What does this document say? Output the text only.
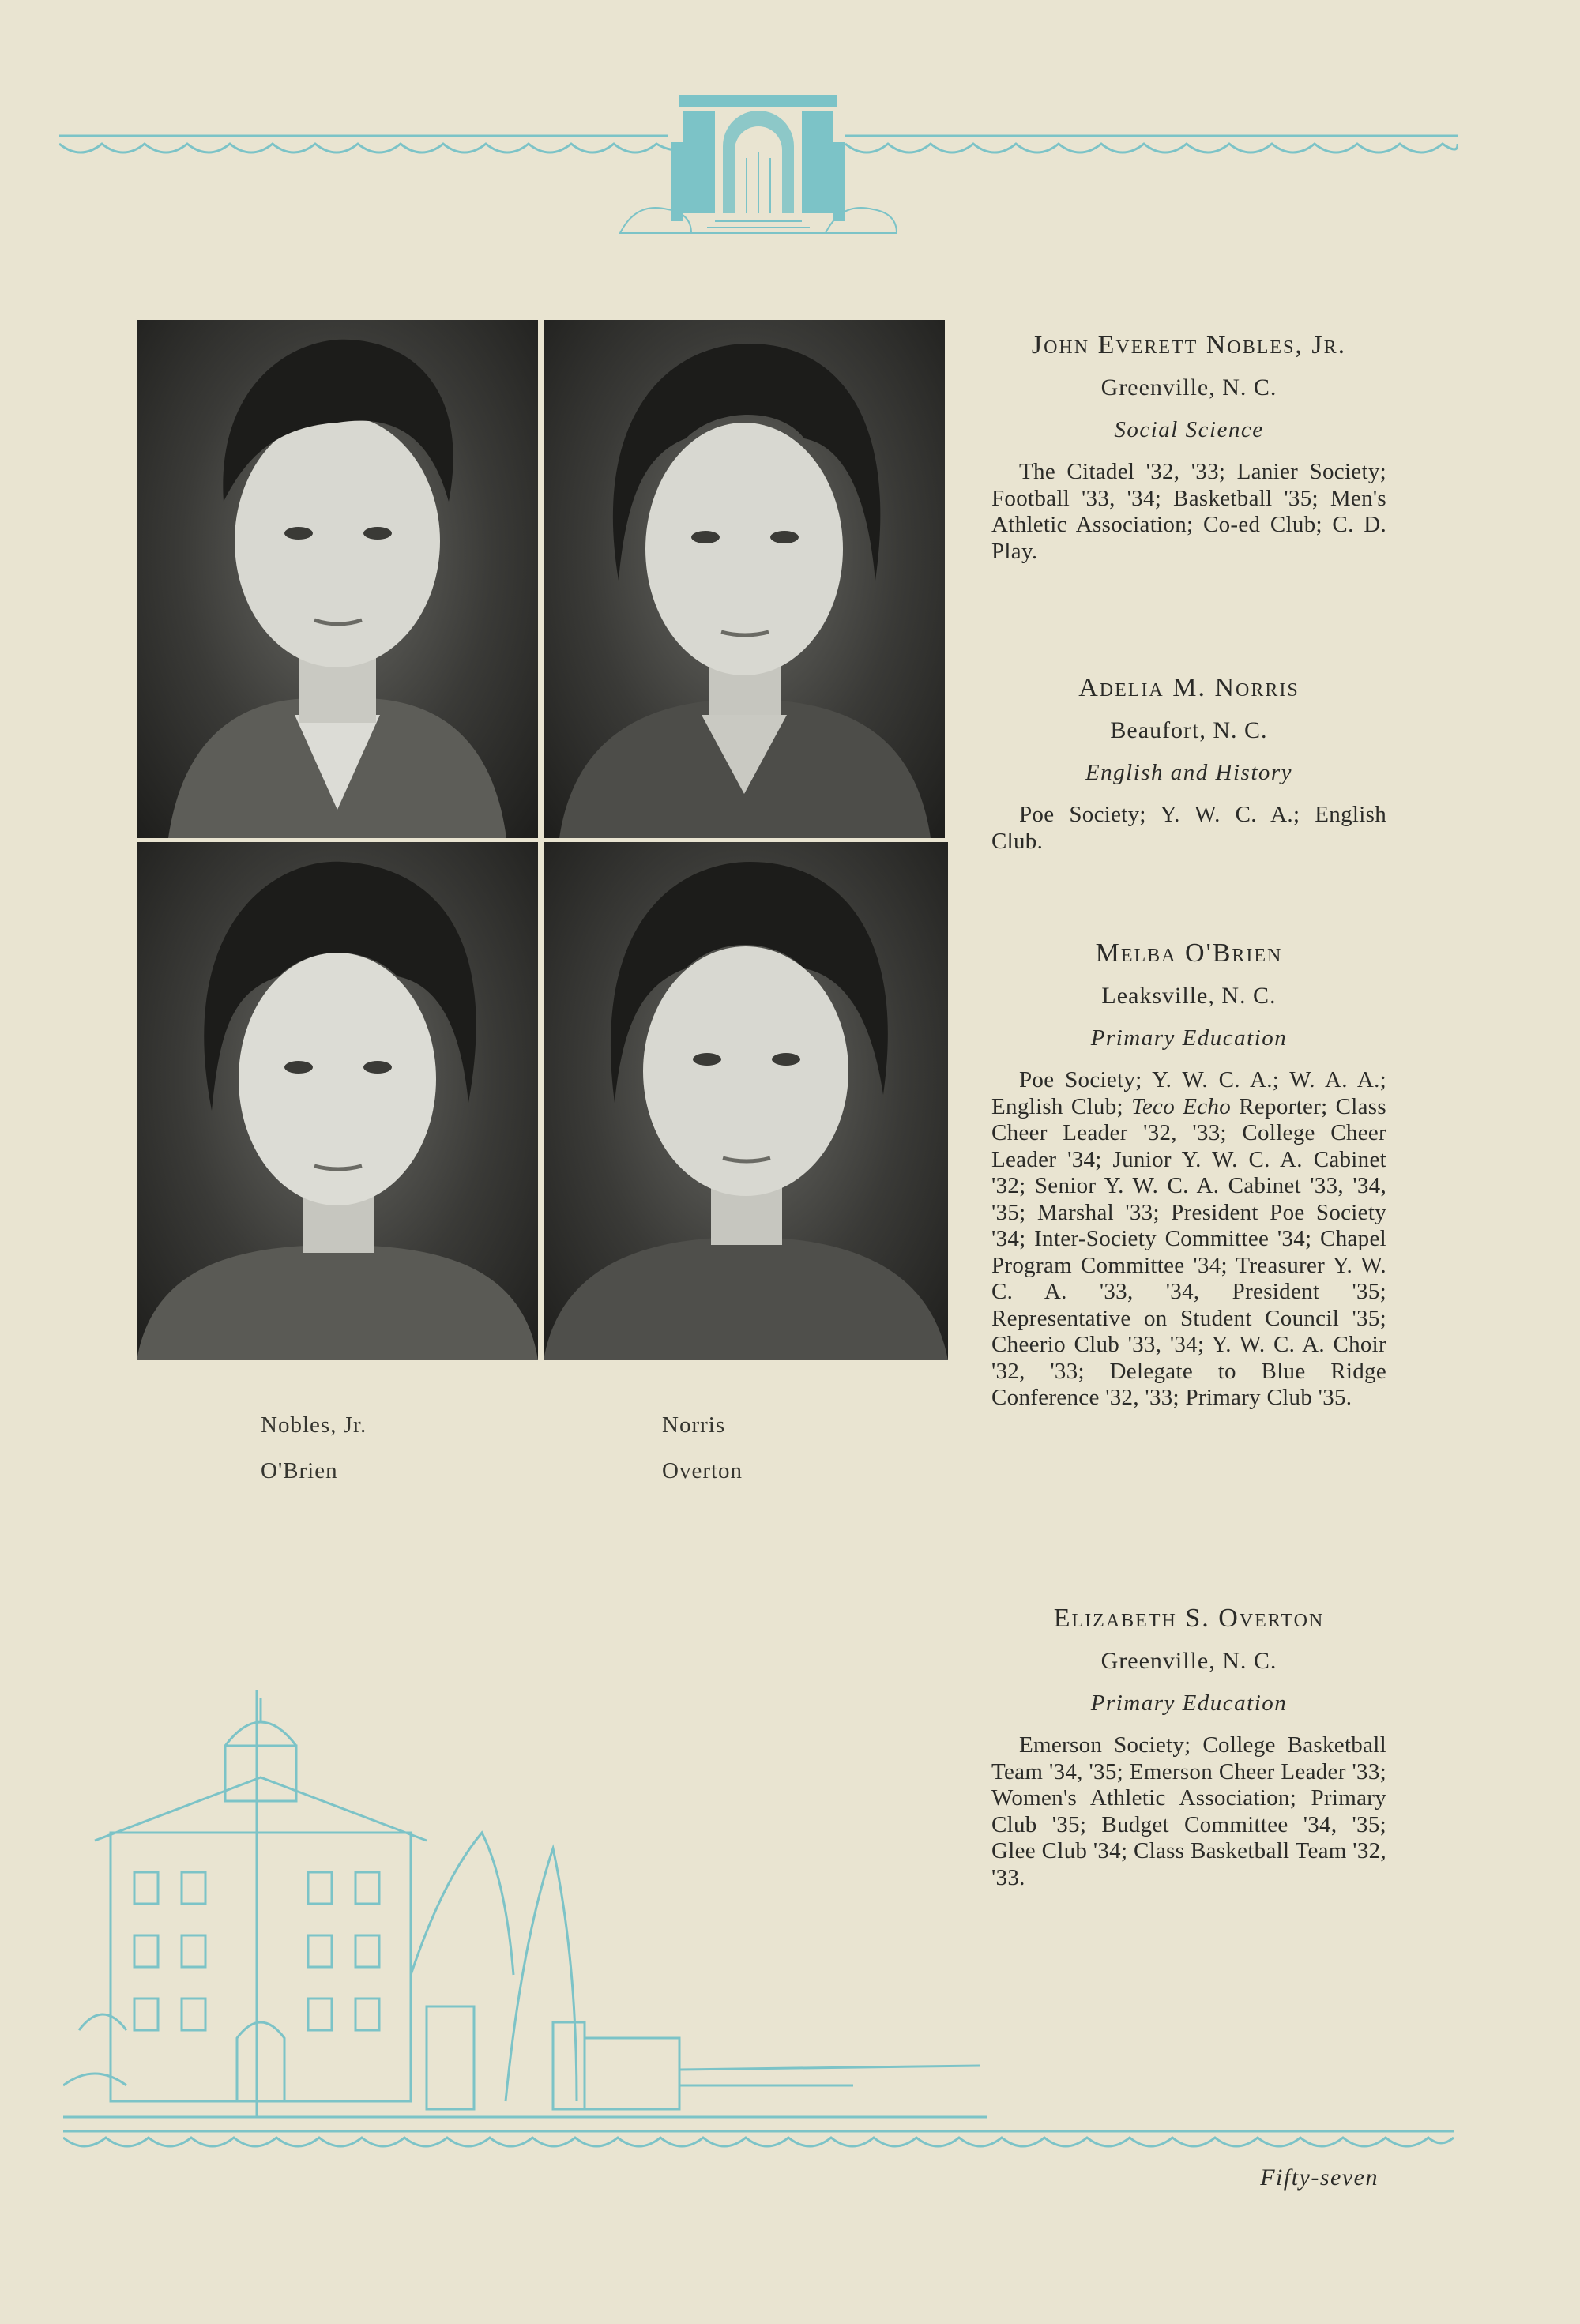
Nobles, Jr.	Norris
O'Brien	Overton
John Everett Nobles, Jr.
Greenville, N. C.
Social Science
The Citadel '32, '33; Lanier Society; Football '33, '34; Basketball '35; Men's Athletic Association; Co-ed Club; C. D. Play.
Adelia M. Norris
Beaufort, N. C.
English and History
Poe Society; Y. W. C. A.; English Club.
Melba O'Brien
Leaksville, N. C.
Primary Education
Poe Society; Y. W. C. A.; W. A. A.; English Club; Teco Echo Reporter; Class Cheer Leader '32, '33; College Cheer Leader '34; Junior Y. W. C. A. Cabinet '32; Senior Y. W. C. A. Cabinet '33, '34, '35; Marshal '33; President Poe Society '34; Inter-Society Committee '34; Chapel Program Committee '34; Treasurer Y. W. C. A. '33, '34, President '35; Representative on Student Council '35; Cheerio Club '33, '34; Y. W. C. A. Choir '32, '33; Delegate to Blue Ridge Conference '32, '33; Primary Club '35.
Elizabeth S. Overton
Greenville, N. C.
Primary Education
Emerson Society; College Basketball Team '34, '35; Emerson Cheer Leader '33; Women's Athletic Association; Primary Club '35; Budget Committee '34, '35; Glee Club '34; Class Basketball Team '32, '33.
Fifty-seven
